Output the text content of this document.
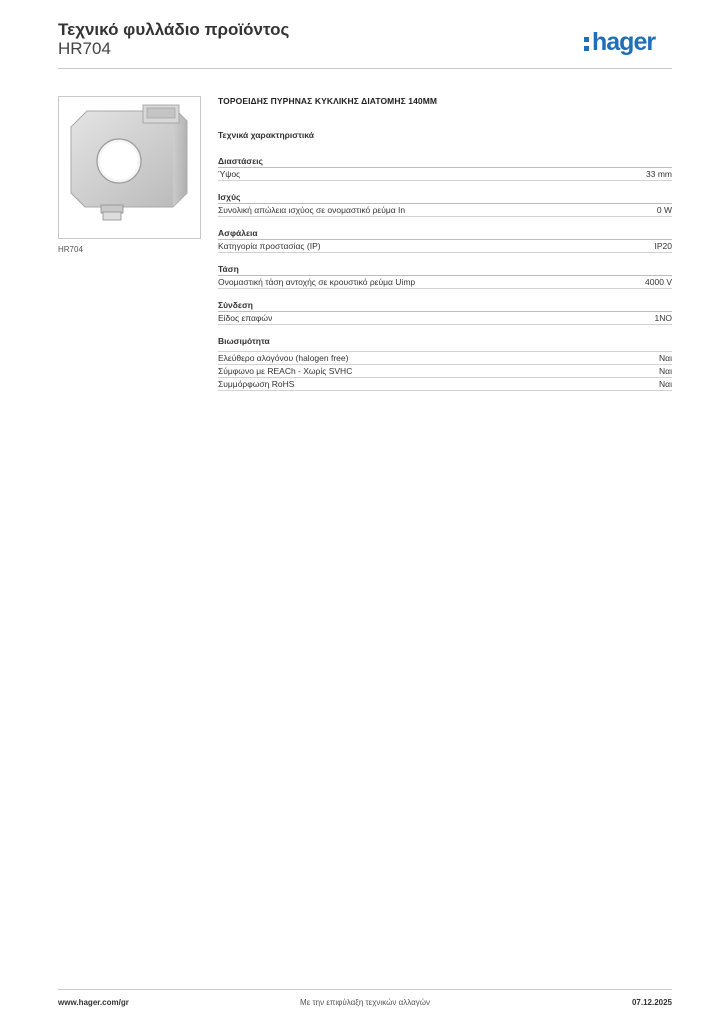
Τεχνικό φυλλάδιο προϊόντος
HR704	hager
HR704
ΤΟΡΟΕΙΔΗΣ ΠΥΡΗΝΑΣ ΚΥΚΛΙΚΗΣ ΔΙΑΤΟΜΗΣ 140MM
Τεχνικά χαρακτηριστικά
Διαστάσεις
Ύψος	33 mm
Ισχύς
Συνολική απώλεια ισχύος σε ονομαστικό ρεύμα In	0 W
Ασφάλεια
Κατηγορία προστασίας (IP)	IP20
Τάση
Ονομαστική τάση αντοχής σε κρουστικό ρεύμα Uimp	4000 V
Σύνδεση
Είδος επαφών	1NO
Βιωσιμότητα
Ελεύθερο αλογόνου (halogen free)	Ναι
Σύμφωνο με REACh - Χωρίς SVHC	Ναι
Συμμόρφωση RoHS	Ναι
www.hager.com/gr	Με την επιφύλαξη τεχνικών αλλαγών	07.12.2025
